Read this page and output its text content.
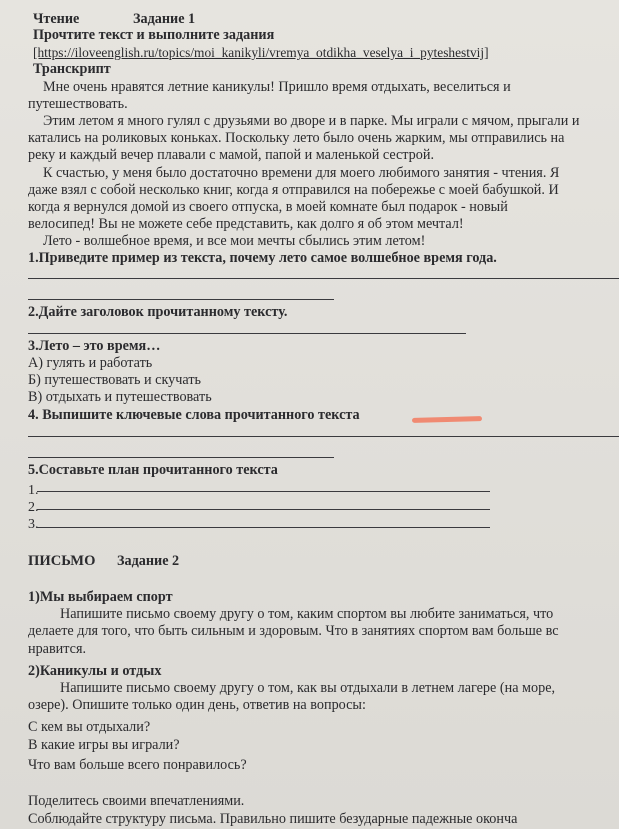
Чтение	Задание 1
Прочтите текст и выполните задания
[https://iloveenglish.ru/topics/moi_kanikyli/vremya_otdikha_veselya_i_pyteshestvij]
Транскрипт
Мне очень нравятся летние каникулы! Пришло время отдыхать, веселиться и
путешествовать.
Этим летом я много гулял с друзьями во дворе и в парке. Мы играли с мячом, прыгали и
катались на роликовых коньках. Поскольку лето было очень жарким, мы отправились на
реку и каждый вечер плавали с мамой, папой и маленькой сестрой.
К счастью, у меня было достаточно времени для моего любимого занятия - чтения. Я
даже взял с собой несколько книг, когда я отправился на побережье с моей бабушкой. И
когда я вернулся домой из своего отпуска, в моей комнате был подарок - новый
велосипед! Вы не можете себе представить, как долго я об этом мечтал!
Лето - волшебное время, и все мои мечты сбылись этим летом!
1.Приведите пример из текста, почему лето самое волшебное время года.
2.Дайте заголовок прочитанному тексту.
3.Лето – это время…
А) гулять и работать
Б) путешествовать и скучать
В) отдыхать и путешествовать
4. Выпишите ключевые слова прочитанного текста
5.Составьте план прочитанного текста
1.
2.
3.
ПИСЬМО Задание 2
1)Мы выбираем спорт
Напишите письмо своему другу о том, каким спортом вы любите заниматься, что
делаете для того, что быть сильным и здоровым. Что в занятиях спортом вам больше вс
нравится.
2)Каникулы и отдых
Напишите письмо своему другу о том, как вы отдыхали в летнем лагере (на море,
озере). Опишите только один день, ответив на вопросы:
С кем вы отдыхали?
В какие игры вы играли?
Что вам больше всего понравилось?
Поделитесь своими впечатлениями.
Соблюдайте структуру письма. Правильно пишите безударные падежные оконча
